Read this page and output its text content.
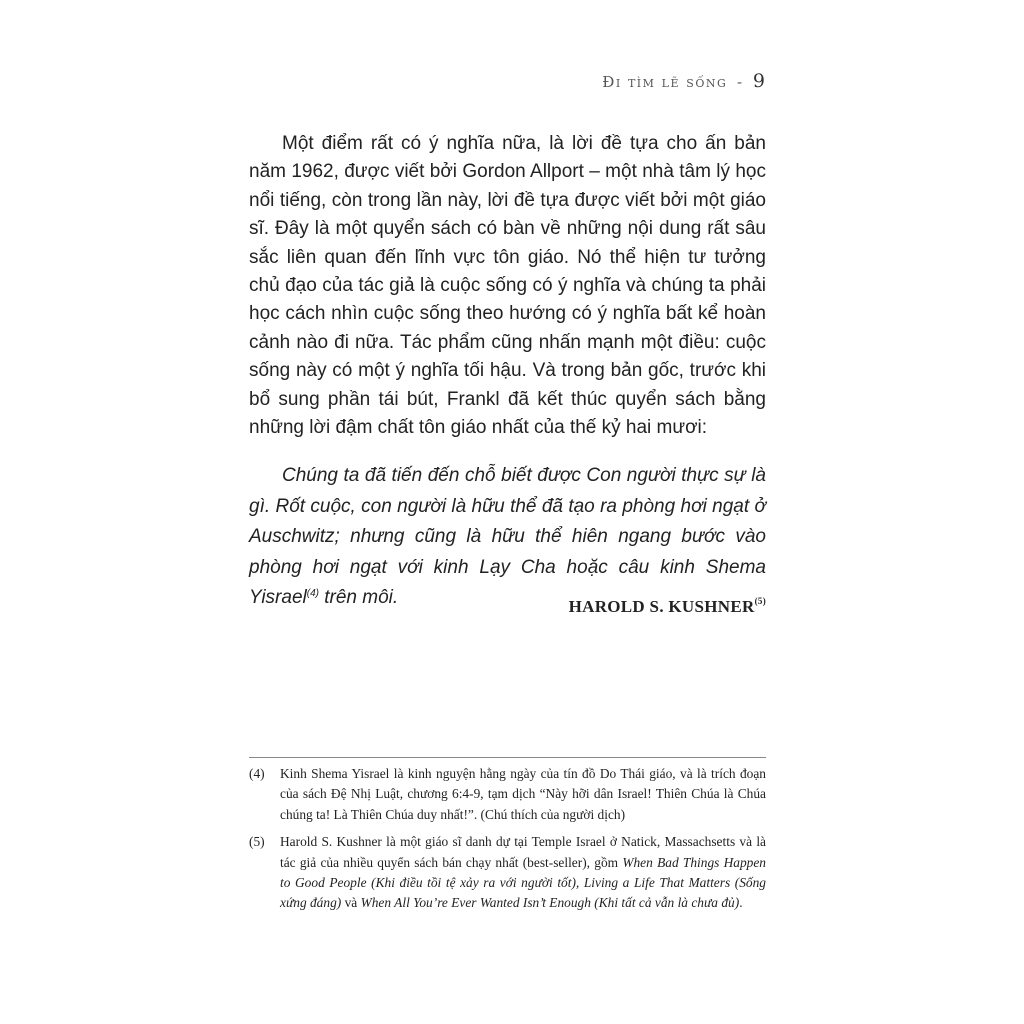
Đi tìm lẽ sống - 9

Một điểm rất có ý nghĩa nữa, là lời đề tựa cho ấn bản năm 1962, được viết bởi Gordon Allport – một nhà tâm lý học nổi tiếng, còn trong lần này, lời đề tựa được viết bởi một giáo sĩ. Đây là một quyển sách có bàn về những nội dung rất sâu sắc liên quan đến lĩnh vực tôn giáo. Nó thể hiện tư tưởng chủ đạo của tác giả là cuộc sống có ý nghĩa và chúng ta phải học cách nhìn cuộc sống theo hướng có ý nghĩa bất kể hoàn cảnh nào đi nữa. Tác phẩm cũng nhấn mạnh một điều: cuộc sống này có một ý nghĩa tối hậu. Và trong bản gốc, trước khi bổ sung phần tái bút, Frankl đã kết thúc quyển sách bằng những lời đậm chất tôn giáo nhất của thế kỷ hai mươi:

Chúng ta đã tiến đến chỗ biết được Con người thực sự là gì. Rốt cuộc, con người là hữu thể đã tạo ra phòng hơi ngạt ở Auschwitz; nhưng cũng là hữu thể hiên ngang bước vào phòng hơi ngạt với kinh Lạy Cha hoặc câu kinh Shema Yisrael$^{(4)}$ trên môi.	HAROLD S. KUSHNER$^{(5)}$
(4)	Kinh Shema Yisrael là kinh nguyện hằng ngày của tín đồ Do Thái giáo, và là trích đoạn của sách Đệ Nhị Luật, chương 6:4-9, tạm dịch “Này hỡi dân Israel! Thiên Chúa là Chúa chúng ta! Là Thiên Chúa duy nhất!”. (Chú thích của người dịch)
(5)	Harold S. Kushner là một giáo sĩ danh dự tại Temple Israel ở Natick, Massachsetts và là tác giả của nhiều quyển sách bán chạy nhất (best-seller), gồm When Bad Things Happen to Good People (Khi điều tồi tệ xảy ra với người tốt), Living a Life That Matters (Sống xứng đáng) và When All You’re Ever Wanted Isn’t Enough (Khi tất cả vẫn là chưa đủ).
